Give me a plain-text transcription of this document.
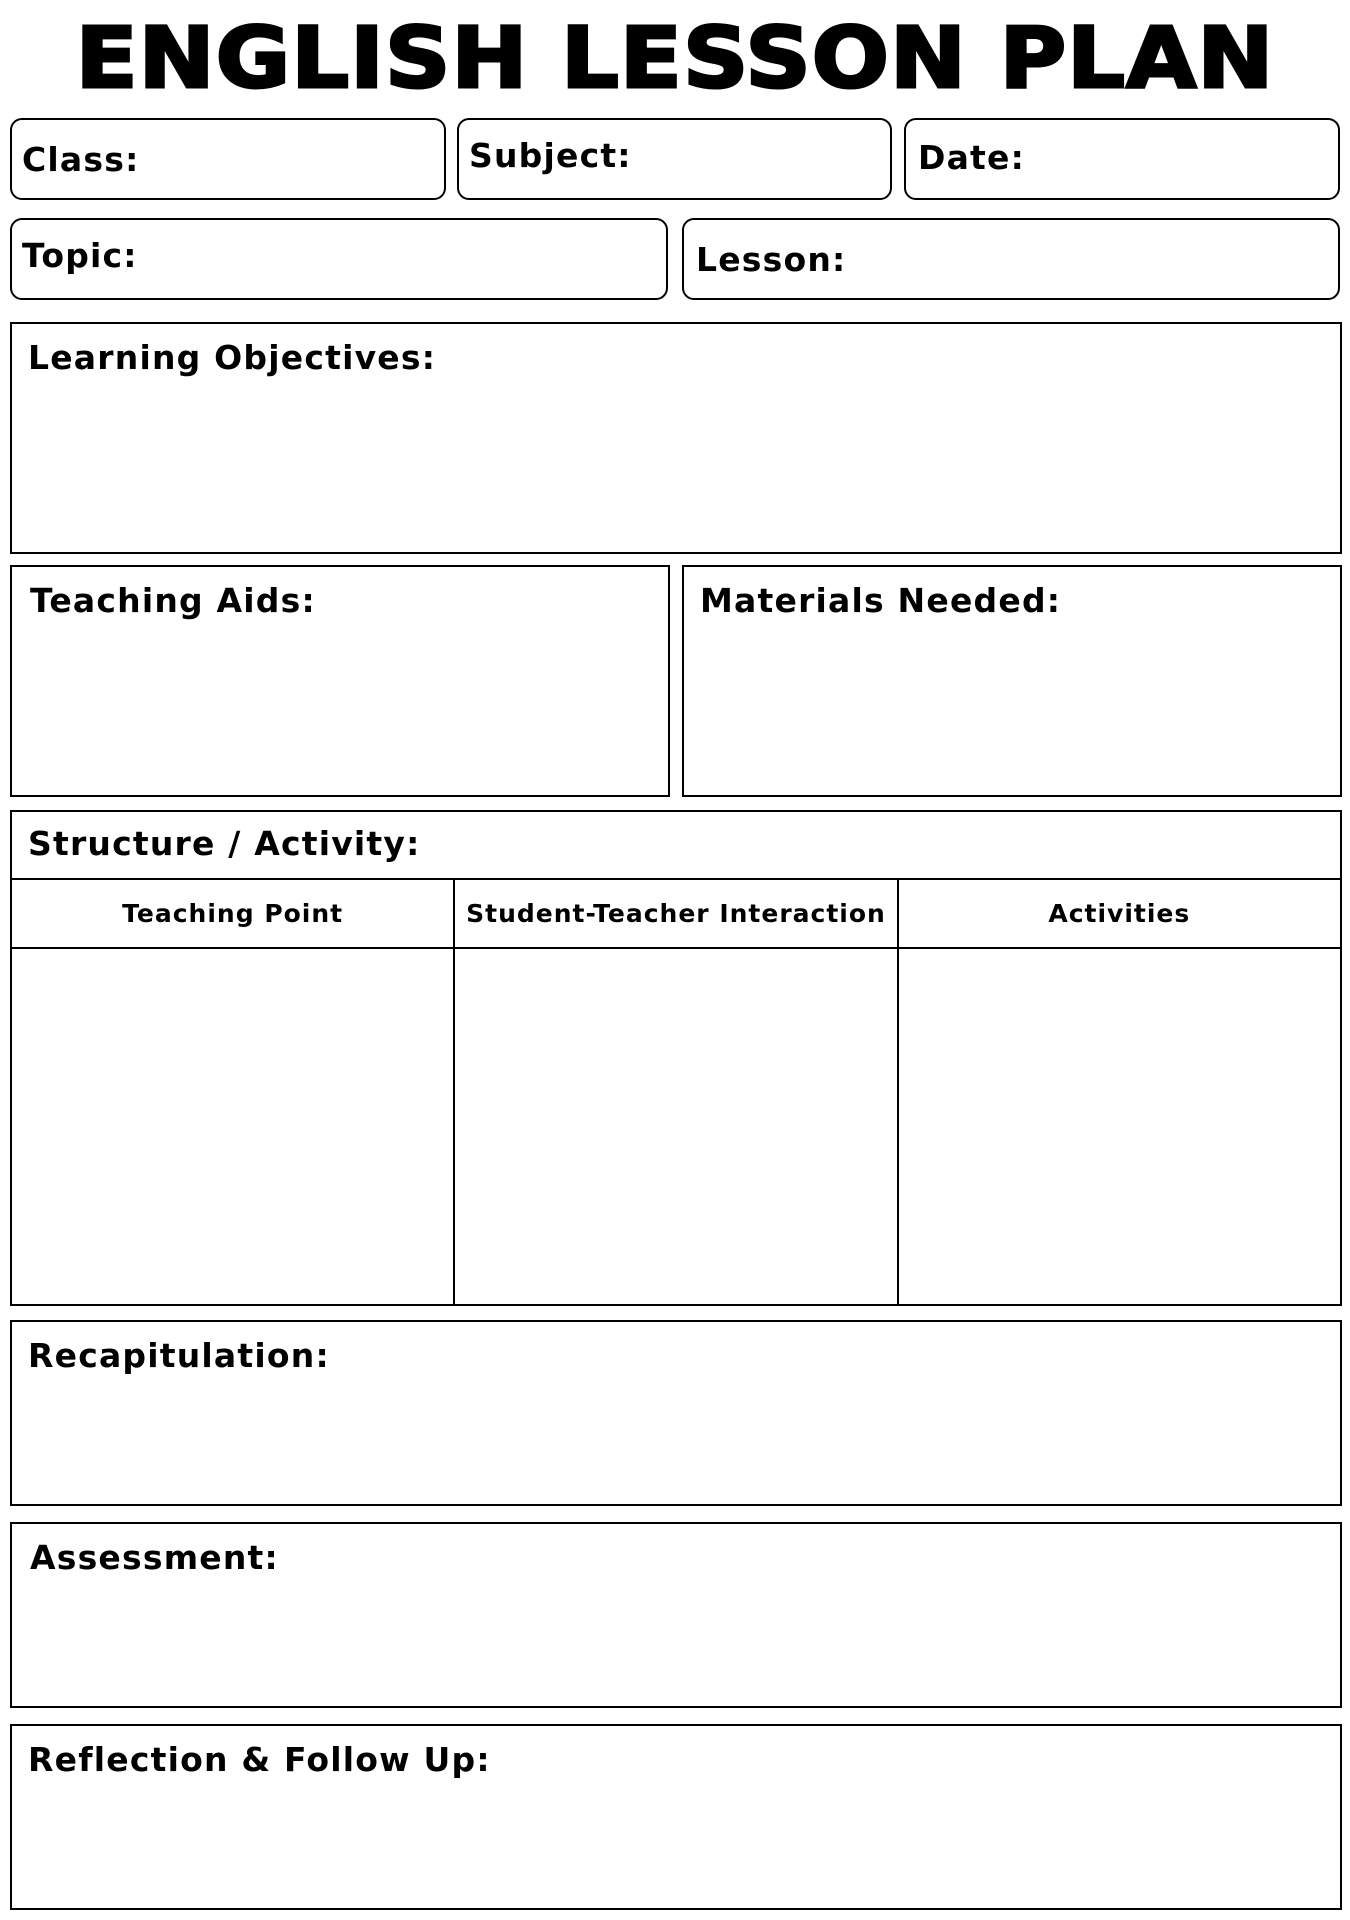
ENGLISH LESSON PLAN
Class:	Subject:	Date:
Topic:	Lesson:
Learning Objectives:
Teaching Aids:	Materials Needed:
Structure / Activity:
Teaching Point	Student-Teacher Interaction	Activities
Recapitulation:
Assessment:
Reflection & Follow Up:
